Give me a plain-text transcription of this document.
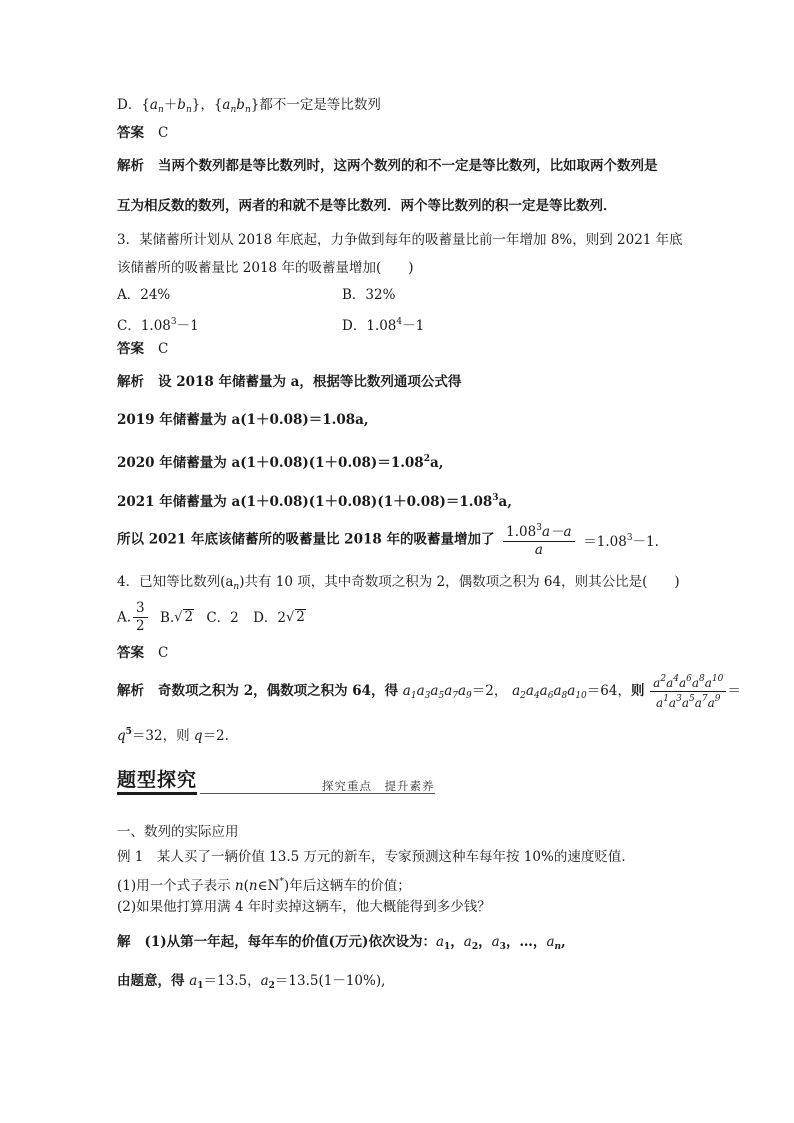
D．$\{a_n+b_n\}$，$\{a_nb_n\}$都不一定是等比数列
答案 C
解析 当两个数列都是等比数列时，这两个数列的和不一定是等比数列，比如取两个数列是
互为相反数的数列，两者的和就不是等比数列．两个等比数列的积一定是等比数列．
3．某储蓄所计划从 2018 年底起，力争做到每年的吸蓄量比前一年增加 8%，则到 2021 年底
该储蓄所的吸蓄量比 2018 年的吸蓄量增加(　　)
A．24%	B．32%
C．$1.08^3-1$	D．$1.08^4-1$
答案 C
解析 设 2018 年储蓄量为 a，根据等比数列通项公式得
2019 年储蓄量为 a(1＋0.08)＝1.08a,
2020 年储蓄量为 $a(1+0.08)(1+0.08)=1.08^2a$,
2021 年储蓄量为 $a(1+0.08)(1+0.08)(1+0.08)=1.08^3a$,
所以 2021 年底该储蓄所的吸蓄量比 2018 年的吸蓄量增加了 $\frac{1.08^3a-a}{a} =1.08^3-1$.
4．已知等比数列$(a_n)$共有 10 项，其中奇数项之积为 2，偶数项之积为 64，则其公比是(　　)
A. $\frac{3}{2} B.√$ 2 C．2 D．2√ 2
答案 C
解析 奇数项之积为 2，偶数项之积为 64，得 $a_1a_3a_5a_7a_9=2$， $a_2a_4a_6a_8a_{10}=64$，则 $\frac{a^2a^4a^6a^8a^{10}}{a^1a^3a^5a^7a^9}$ ＝
$q^5=32$，则 q＝2.
题型探究	探究重点　提升素养
一、数列的实际应用
例 1　某人买了一辆价值 13.5 万元的新车，专家预测这种车每年按 10%的速度贬值．
(1)用一个式子表示 n(n∈N*)年后这辆车的价值；
(2)如果他打算用满 4 年时卖掉这辆车，他大概能得到多少钱？
解 (1)从第一年起，每年车的价值(万元)依次设为：$a_1$，$a_2$，$a_3$，…，$a_n$,
由题意，得 $a_1=13.5$，$a_2=13.5(1-10\%)$,
